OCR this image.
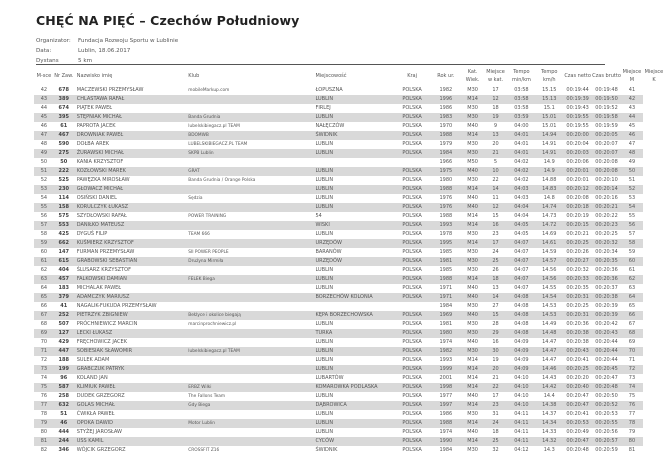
CHĘĆ NA PIĘĆ – Czechów Południowy
Organizator:	Fundacja Rozwoju Sportu w Lublinie
Data:	Lublin, 18.06.2017
Dystans	5 km
M-sce	Nr Zaw.	Nazwisko imię	Klub	Miejscowość	Kraj	Rok ur.	Kat. Wiek.	Miejsce w kat.	Tempo min/km	Tempo km/h	Czas netto	Czas brutto	Miejsce M	Miejsce K
42	678	MACZEWSKI PRZEMYSŁAW	mobileMarkup.com	ŁOPUSZNA	POLSKA	1982	M30	17	03:58	15.15	00:19:44	00:19:48	41	
43	389	CHLASTAWA RAFAŁ		LUBLIN	POLSKA	1996	M14	12	03:58	15.13	00:19:39	00:19:50	42	
44	674	PIĄTEK PAWEŁ		FIRLEJ	POLSKA	1986	M30	18	03:58	15.1	00:19:43	00:19:52	43	
45	395	STĘPNIAK MICHAŁ	Banda Grudnia	LUBLIN	POLSKA	1983	M30	19	03:59	15.01	00:19:55	00:19:58	44	
46	61	PAPROTA JACEK	lubelskibiegacz.pl TEAM	NAŁĘCZÓW	POLSKA	1970	M40	9	04:00	15.01	00:19:55	00:19:59	45	
47	467	DROWNIAK PAWEŁ	BDOMWB	ŚWIDNIK	POLSKA	1988	M14	13	04:01	14.94	00:20:00	00:20:05	46	
48	590	DOŁBA AREK	LUBELSKIBIEGACZ.PL TEAM	LUBLIN	POLSKA	1979	M30	20	04:01	14.91	00:20:04	00:20:07	47	
49	275	ŻURAWSKI MICHAŁ	SKPB Lublin	LUBLIN	POLSKA	1984	M30	21	04:01	14.91	00:20:03	00:20:07	48	
50	50	KANIA KRZYSZTOF				1966	M50	5	04:02	14.9	00:20:06	00:20:08	49	
51	222	KOZŁOWSKI MAREK	GRAT	LUBLIN	POLSKA	1975	M40	10	04:02	14.9	00:20:01	00:20:08	50	
52	525	PAWĘZKA MIROSŁAW	Banda Grudnia / Orange Polska	LUBLIN	POLSKA	1980	M30	22	04:02	14.88	00:20:01	00:20:10	51	
53	230	GŁOWACZ MICHAŁ		LUBLIN	POLSKA	1988	M14	14	04:03	14.83	00:20:12	00:20:14	52	
54	114	OSIŃSKI DANIEL	Sędzia	LUBLIN	POLSKA	1976	M40	11	04:03	14.8	00:20:08	00:20:16	53	
55	158	KORULCZYK ŁUKASZ		LUBLIN	POLSKA	1976	M40	12	04:04	14.74	00:20:18	00:20:21	54	
56	575	SZYDŁOWSKI RAFAŁ	POWER TRAINING	54	POLSKA	1988	M14	15	04:04	14.73	00:20:19	00:20:22	55	
57	553	DANIŁKO MATEUSZ		WISKI	POLSKA	1993	M14	16	04:05	14.72	00:20:15	00:20:23	56	
58	425	DYGUŚ FILIP	TEAM 666	LUBLIN	POLSKA	1978	M30	23	04:05	14.69	00:20:21	00:20:25	57	
59	662	KUŚMIERZ KRZYSZTOF		URZĘDÓW	POLSKA	1995	M14	17	04:07	14.61	00:20:25	00:20:32	58	
60	147	FURMAN PRZEMYSŁAW	SII POWER PEOPLE	BARANÓW	POLSKA	1985	M30	24	04:07	14.59	00:20:26	00:20:34	59	
61	615	GRABOWSKI SEBASTIAN	Drużyna Mirmiła	URZĘDÓW	POLSKA	1981	M30	25	04:07	14.57	00:20:27	00:20:35	60	
62	404	ŚLUSARZ KRZYSZTOF		LUBLIN	POLSKA	1985	M30	26	04:07	14.56	00:20:32	00:20:36	61	
63	457	FALKOWSKI DAMIAN	FELEK Biega	LUBLIN	POLSKA	1988	M14	18	04:07	14.56	00:20:33	00:20:36	62	
64	183	MICHALAK PAWEŁ		LUBLIN	POLSKA	1971	M40	13	04:07	14.55	00:20:35	00:20:37	63	
65	379	ADAMCZYK MARIUSZ		BORZECHÓW KOLONIA	POLSKA	1971	M40	14	04:08	14.54	00:20:31	00:20:38	64	
66	41	NAGALIK-FUKUDA PRZEMYSŁAW				1984	M30	27	04:08	14.53	00:20:25	00:20:39	65	
67	252	PIETRZYK ZBIGNIEW	Bełżyce i okolice biegają	KĘPA BORZECHOWSKA	POLSKA	1969	M40	15	04:08	14.53	00:20:31	00:20:39	66	
68	507	PRÓCHNIEWICZ MARCIN	marcinprochniewicz.pl	LUBLIN	POLSKA	1981	M30	28	04:08	14.49	00:20:36	00:20:42	67	
69	127	LECKI ŁUKASZ		TURKA	POLSKA	1980	M30	29	04:08	14.48	00:20:38	00:20:43	68	
70	429	FRĘCHOWICZ JACEK		LUBLIN	POLSKA	1974	M40	16	04:09	14.47	00:20:38	00:20:44	69	
71	447	SOBIESIAK SŁAWOMIR	lubelskibiegacz.pl TEAM	LUBLIN	POLSKA	1982	M30	30	04:09	14.47	00:20:43	00:20:44	70	
72	188	SULEK ADAM		LUBLIN	POLSKA	1993	M14	19	04:09	14.47	00:20:41	00:20:44	71	
73	199	GRABCZUK PATRYK		LUBLIN	POLSKA	1999	M14	20	04:09	14.46	00:20:25	00:20:45	72	
74	96	KOLAND JAN		LUBARTÓW	POLSKA	2001	M14	21	04:10	14.43	00:20:20	00:20:47	73	
75	587	KLIMIUK PAWEŁ	ERBZ Wilki	KOMAROWKA PODLASKA	POLSKA	1998	M14	22	04:10	14.42	00:20:40	00:20:48	74	
76	258	DUDEK GRZEGORZ	The Fallons Team	LUBLIN	POLSKA	1977	M40	17	04:10	14.4	00:20:47	00:20:50	75	
77	632	GOLAS MICHAŁ	Gdy Biega	DĄBROWICA	POLSKA	1997	M14	23	04:10	14.38	00:20:47	00:20:52	76	
78	51	ĆWIKŁA PAWEŁ		LUBLIN	POLSKA	1986	M30	31	04:11	14.37	00:20:41	00:20:53	77	
79	46	OPOKA DAWID	Motor Lublin	LUBLIN	POLSKA	1988	M14	24	04:11	14.34	00:20:53	00:20:55	78	
80	444	STYŻEJ JAROSŁAW		LUBLIN	POLSKA	1974	M40	18	04:11	14.33	00:20:49	00:20:56	79	
81	244	USS KAMIL		CYCÓW	POLSKA	1990	M14	25	04:11	14.32	00:20:47	00:20:57	80	
82	346	WÓJCIK GRZEGORZ	CROSSFIT Z16	ŚWIDNIK	POLSKA	1984	M30	32	04:12	14.3	00:20:48	00:20:59	81	
